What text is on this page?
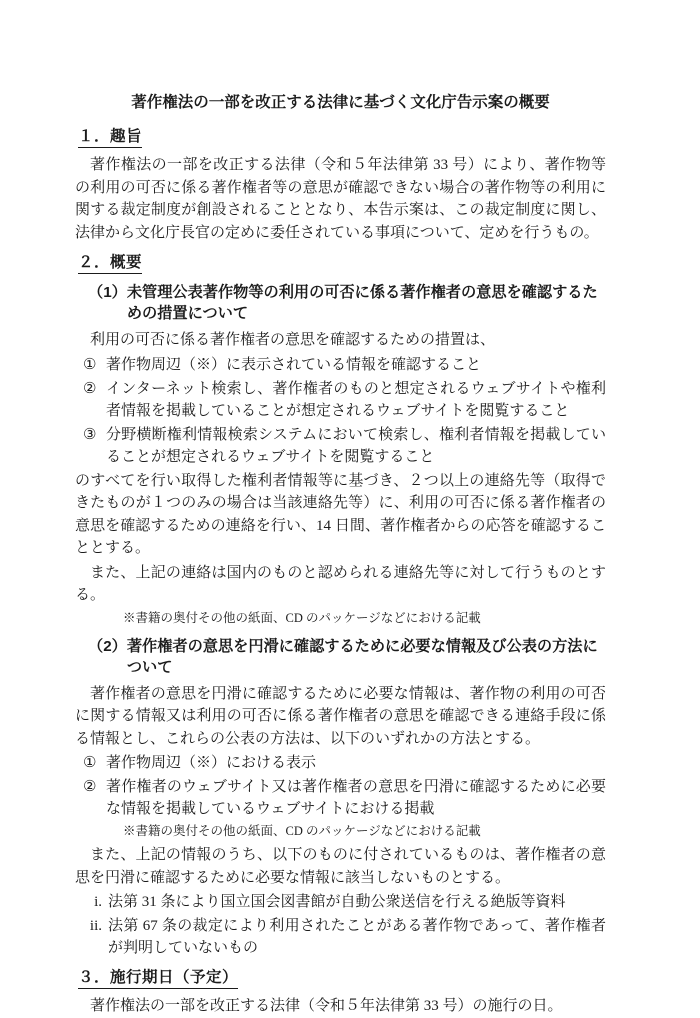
著作権法の一部を改正する法律に基づく文化庁告示案の概要
１．趣旨

著作権法の一部を改正する法律（令和５年法律第 33 号）により、著作物等の利用の可否に係る著作権者等の意思が確認できない場合の著作物等の利用に関する裁定制度が創設されることとなり、本告示案は、この裁定制度に関し、法律から文化庁長官の定めに委任されている事項について、定めを行うもの。

２．概要
（1） 未管理公表著作物等の利用の可否に係る著作権者の意思を確認するための措置について

利用の可否に係る著作権者の意思を確認するための措置は、

① 著作物周辺（※）に表示されている情報を確認すること
② インターネット検索し、著作権者のものと想定されるウェブサイトや権利者情報を掲載していることが想定されるウェブサイトを閲覧すること
③ 分野横断権利情報検索システムにおいて検索し、権利者情報を掲載していることが想定されるウェブサイトを閲覧すること

のすべてを行い取得した権利者情報等に基づき、２つ以上の連絡先等（取得できたものが１つのみの場合は当該連絡先等）に、利用の可否に係る著作権者の意思を確認するための連絡を行い、14 日間、著作権者からの応答を確認することとする。

また、上記の連絡は国内のものと認められる連絡先等に対して行うものとする。

※書籍の奥付その他の紙面、CD のパッケージなどにおける記載

（2） 著作権者の意思を円滑に確認するために必要な情報及び公表の方法について

著作権者の意思を円滑に確認するために必要な情報は、著作物の利用の可否に関する情報又は利用の可否に係る著作権者の意思を確認できる連絡手段に係る情報とし、これらの公表の方法は、以下のいずれかの方法とする。

① 著作物周辺（※）における表示
② 著作権者のウェブサイト又は著作権者の意思を円滑に確認するために必要な情報を掲載しているウェブサイトにおける掲載

※書籍の奥付その他の紙面、CD のパッケージなどにおける記載

また、上記の情報のうち、以下のものに付されているものは、著作権者の意思を円滑に確認するために必要な情報に該当しないものとする。

i. 法第 31 条により国立国会図書館が自動公衆送信を行える絶版等資料
ii. 法第 67 条の裁定により利用されたことがある著作物であって、著作権者が判明していないもの
３．施行期日（予定）

著作権法の一部を改正する法律（令和５年法律第 33 号）の施行の日。
